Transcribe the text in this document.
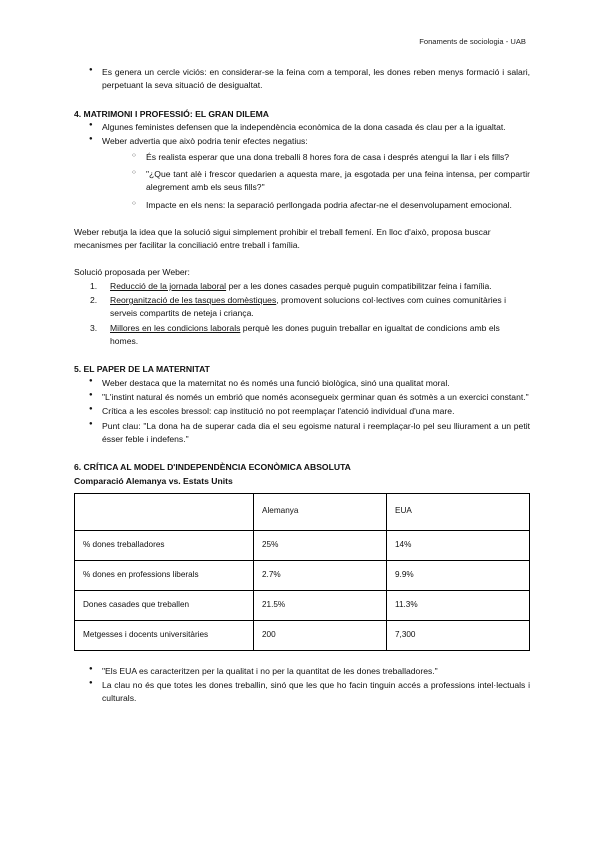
Fonaments de sociologia - UAB
● Es genera un cercle viciós: en considerar-se la feina com a temporal, les dones reben menys formació i salari, perpetuant la seva situació de desigualtat.

4. MATRIMONI I PROFESSIÓ: EL GRAN DILEMA

● Algunes feministes defensen que la independència econòmica de la dona casada és clau per a la igualtat.
● Weber advertia que això podria tenir efectes negatius:
○ És realista esperar que una dona treballi 8 hores fora de casa i després atengui la llar i els fills?
○ "¿Que tant alè i frescor quedarien a aquesta mare, ja esgotada per una feina intensa, per compartir alegrement amb els seus fills?"
○ Impacte en els nens: la separació perllongada podria afectar-ne el desenvolupament emocional.

Weber rebutja la idea que la solució sigui simplement prohibir el treball femení. En lloc d'això, proposa buscar mecanismes per facilitar la conciliació entre treball i família.

Solució proposada per Weber:

1. Reducció de la jornada laboral per a les dones casades perquè puguin compatibilitzar feina i família.
2. Reorganització de les tasques domèstiques, promovent solucions col·lectives com cuines comunitàries i serveis compartits de neteja i criança.
3. Millores en les condicions laborals perquè les dones puguin treballar en igualtat de condicions amb els homes.

5. EL PAPER DE LA MATERNITAT

● Weber destaca que la maternitat no és només una funció biològica, sinó una qualitat moral.
● "L'instint natural és només un embrió que només aconsegueix germinar quan és sotmès a un exercici constant."
● Crítica a les escoles bressol: cap institució no pot reemplaçar l'atenció individual d'una mare.
● Punt clau: "La dona ha de superar cada dia el seu egoisme natural i reemplaçar-lo pel seu lliurament a un petit ésser feble i indefens."

6. CRÍTICA AL MODEL D'INDEPENDÈNCIA ECONÒMICA ABSOLUTA

Comparació Alemanya vs. Estats Units

	Alemanya	EUA
% dones treballadores	25%	14%
% dones en professions liberals	2.7%	9.9%
Dones casades que treballen	21.5%	11.3%
Metgesses i docents universitàries	200	7,300
● "Els EUA es caracteritzen per la qualitat i no per la quantitat de les dones treballadores."
● La clau no és que totes les dones treballin, sinó que les que ho facin tinguin accés a professions intel·lectuals i culturals.
